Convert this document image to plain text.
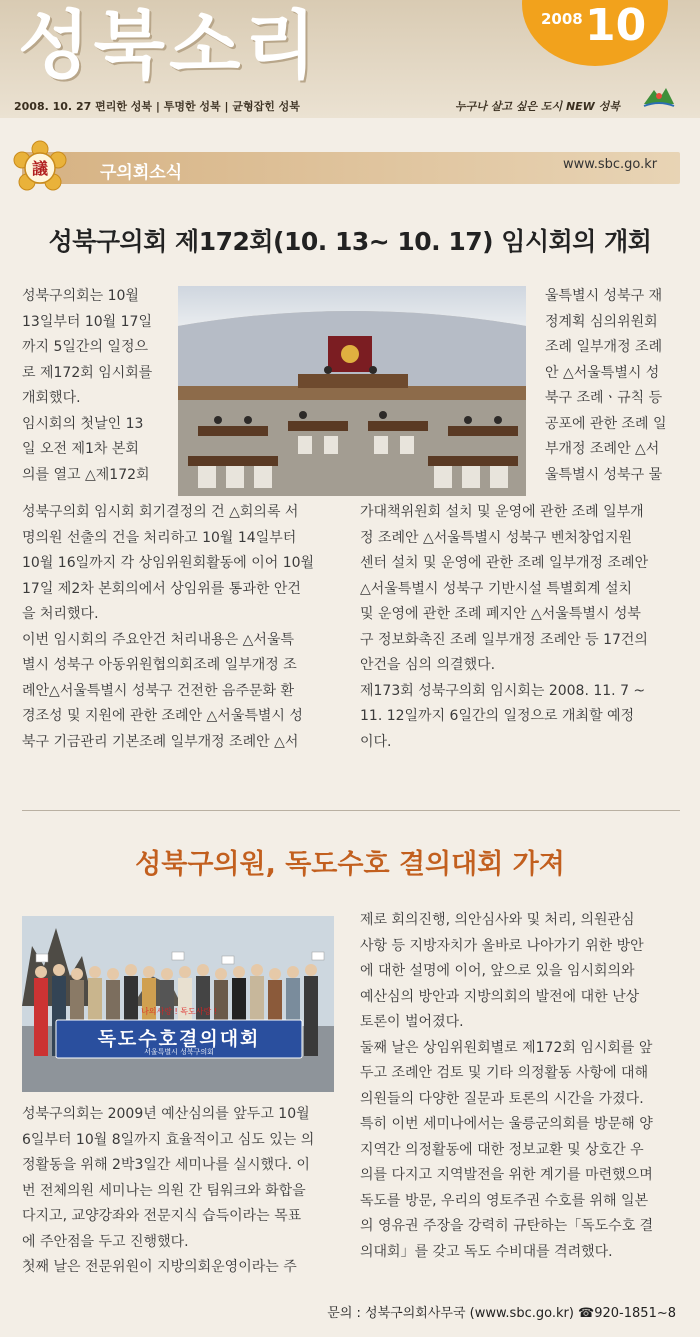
성북소리	2008 10
2008. 10. 27 편리한 성북 | 투명한 성북 | 균형잡힌 성북	누구나 살고 싶은 도시 NEW 성북
議	구의회소식	www.sbc.go.kr
성북구의회 제172회(10. 13~ 10. 17) 임시회의 개회
성북구의회는 10월
13일부터 10월 17일
까지 5일간의 일정으
로 제172회 임시회를
개회했다.
임시회의 첫날인 13
일 오전 제1차 본회
의를 열고 △제172회
울특별시 성북구 재
정계획 심의위원회
조례 일부개정 조례
안 △서울특별시 성
북구 조례ㆍ규칙 등
공포에 관한 조례 일
부개정 조례안 △서
울특별시 성북구 물
성북구의회 임시회 회기결정의 건 △회의록 서
명의원 선출의 건을 처리하고 10월 14일부터
10월 16일까지 각 상임위원회활동에 이어 10월
17일 제2차 본회의에서 상임위를 통과한 안건
을 처리했다.
이번 임시회의 주요안건 처리내용은 △서울특
별시 성북구 아동위원협의회조례 일부개정 조
례안△서울특별시 성북구 건전한 음주문화 환
경조성 및 지원에 관한 조례안 △서울특별시 성
북구 기금관리 기본조례 일부개정 조례안 △서
가대책위원회 설치 및 운영에 관한 조례 일부개
정 조례안 △서울특별시 성북구 벤처창업지원
센터 설치 및 운영에 관한 조례 일부개정 조례안
△서울특별시 성북구 기반시설 특별회계 설치
및 운영에 관한 조례 폐지안 △서울특별시 성북
구 정보화촉진 조례 일부개정 조례안 등 17건의
안건을 심의 의결했다.
제173회 성북구의회 임시회는 2008. 11. 7 ~
11. 12일까지 6일간의 일정으로 개최할 예정
이다.
성북구의원, 독도수호 결의대회 가져
나의사랑 ! 독도사랑 !
독도수호결의대회
서울특별시 성북구의회
성북구의회는 2009년 예산심의를 앞두고 10월
6일부터 10월 8일까지 효율적이고 심도 있는 의
정활동을 위해 2박3일간 세미나를 실시했다. 이
번 전체의원 세미나는 의원 간 팀워크와 화합을
다지고, 교양강좌와 전문지식 습득이라는 목표
에 주안점을 두고 진행했다.
첫째 날은 전문위원이 지방의회운영이라는 주
제로 회의진행, 의안심사와 및 처리, 의원관심
사항 등 지방자치가 올바로 나아가기 위한 방안
에 대한 설명에 이어, 앞으로 있을 임시회의와
예산심의 방안과 지방의회의 발전에 대한 난상
토론이 벌어졌다.
둘째 날은 상임위원회별로 제172회 임시회를 앞
두고 조례안 검토 및 기타 의정활동 사항에 대해
의원들의 다양한 질문과 토론의 시간을 가졌다.
특히 이번 세미나에서는 울릉군의회를 방문해 양
지역간 의정활동에 대한 정보교환 및 상호간 우
의를 다지고 지역발전을 위한 계기를 마련했으며
독도를 방문, 우리의 영토주권 수호를 위해 일본
의 영유권 주장을 강력히 규탄하는「독도수호 결
의대회」를 갖고 독도 수비대를 격려했다.
문의 : 성북구의회사무국 (www.sbc.go.kr) ☎920-1851~8
